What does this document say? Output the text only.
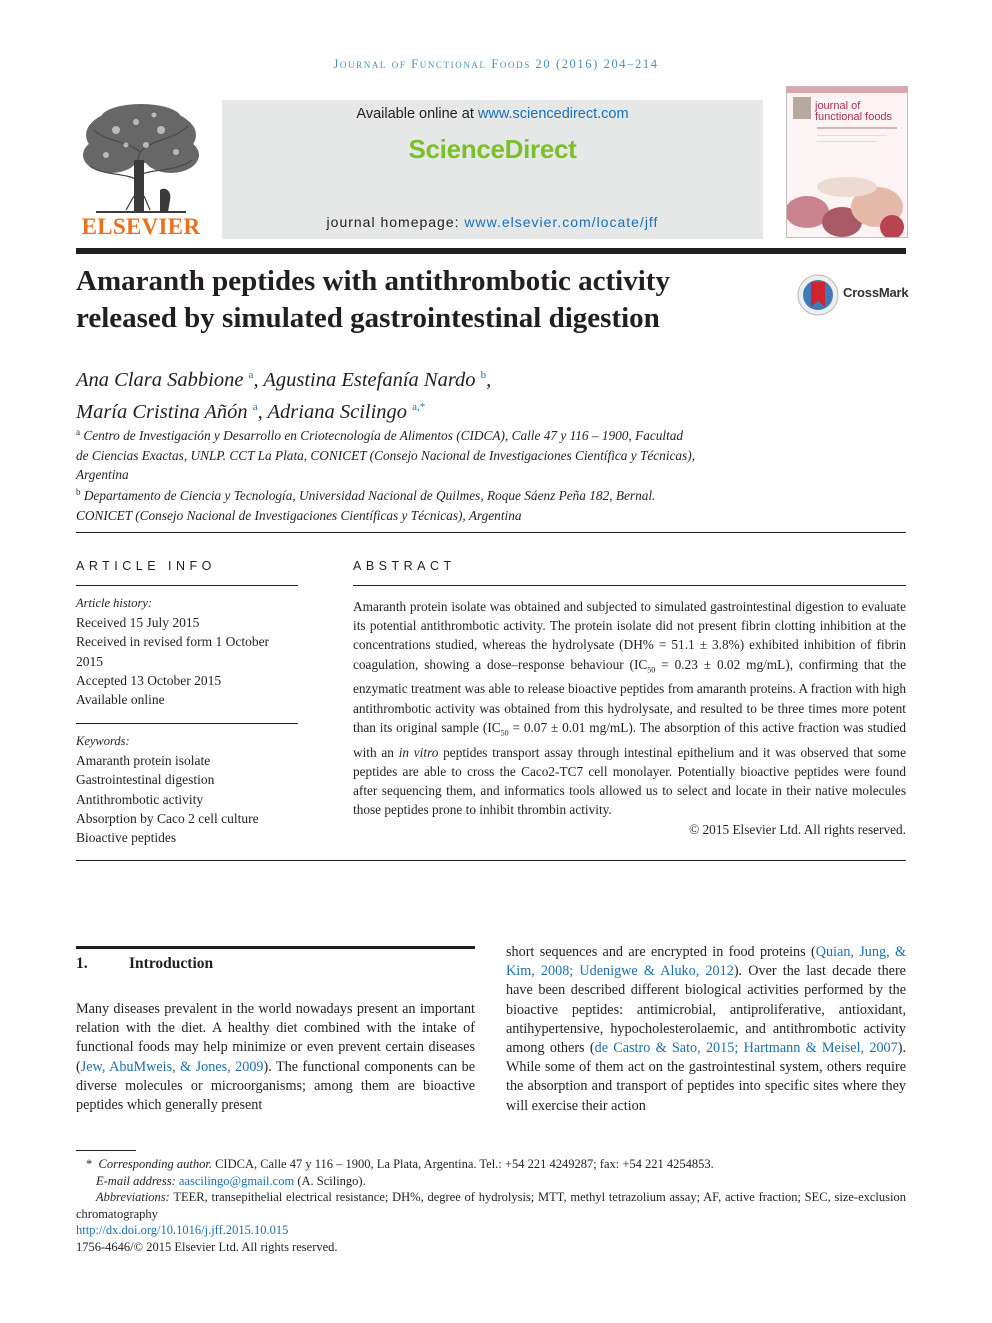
Journal of Functional Foods 20 (2016) 204–214
ELSEVIER
Available online at www.sciencedirect.com
ScienceDirect
journal homepage: www.elsevier.com/locate/jff
journal of
functional foods
Amaranth peptides with antithrombotic activity
released by simulated gastrointestinal digestion
CrossMark
Ana Clara Sabbione $^a$, Agustina Estefanía Nardo $^b$,
María Cristina Añón $^a$, Adriana Scilingo $^{a,*}$
$^a$ Centro de Investigación y Desarrollo en Criotecnología de Alimentos (CIDCA), Calle 47 y 116 – 1900, Facultad
de Ciencias Exactas, UNLP. CCT La Plata, CONICET (Consejo Nacional de Investigaciones Científica y Técnicas),
Argentina
$^b$ Departamento de Ciencia y Tecnología, Universidad Nacional de Quilmes, Roque Sáenz Peña 182, Bernal.
CONICET (Consejo Nacional de Investigaciones Científicas y Técnicas), Argentina
ARTICLE INFO
Article history:
Received 15 July 2015
Received in revised form 1 October
2015
Accepted 13 October 2015
Available online
Keywords:
Amaranth protein isolate
Gastrointestinal digestion
Antithrombotic activity
Absorption by Caco 2 cell culture
Bioactive peptides
ABSTRACT

Amaranth protein isolate was obtained and subjected to simulated gastrointestinal digestion to evaluate its potential antithrombotic activity. The protein isolate did not present fibrin clotting inhibition at the concentrations studied, whereas the hydrolysate (DH% = 51.1 ± 3.8%) exhibited inhibition of fibrin coagulation, showing a dose–response behaviour ($IC_{50} = 0.23 \pm 0.02$ mg/mL), confirming that the enzymatic treatment was able to release bioactive peptides from amaranth proteins. A fraction with high antithrombotic activity was obtained from this hydrolysate, and resulted to be three times more potent than its original sample ($IC_{50} = 0.07 \pm 0.01$ mg/mL). The absorption of this active fraction was studied with an in vitro peptides transport assay through intestinal epithelium and it was observed that some peptides are able to cross the Caco2-TC7 cell monolayer. Potentially bioactive peptides were found after sequencing them, and informatics tools allowed us to select and locate in their native molecules those peptides prone to inhibit thrombin activity.

© 2015 Elsevier Ltd. All rights reserved.

1.	Introduction

Many diseases prevalent in the world nowadays present an important relation with the diet. A healthy diet combined with the intake of functional foods may help minimize or even prevent certain diseases (Jew, AbuMweis, & Jones, 2009). The functional components can be diverse molecules or microorganisms; among them are bioactive peptides which generally present

short sequences and are encrypted in food proteins (Quian, Jung, & Kim, 2008; Udenigwe & Aluko, 2012). Over the last decade there have been described different biological activities performed by the bioactive peptides: antimicrobial, antiproliferative, antioxidant, antihypertensive, hypocholesterolaemic, and antithrombotic activity among others (de Castro & Sato, 2015; Hartmann & Meisel, 2007). While some of them act on the gastrointestinal system, others require the absorption and transport of peptides into specific sites where they will exercise their action

* Corresponding author. CIDCA, Calle 47 y 116 – 1900, La Plata, Argentina. Tel.: +54 221 4249287; fax: +54 221 4254853.
E-mail address: aascilingo@gmail.com (A. Scilingo).
Abbreviations: TEER, transepithelial electrical resistance; DH%, degree of hydrolysis; MTT, methyl tetrazolium assay; AF, active fraction; SEC, size-exclusion chromatography
http://dx.doi.org/10.1016/j.jff.2015.10.015
1756-4646/© 2015 Elsevier Ltd. All rights reserved.
